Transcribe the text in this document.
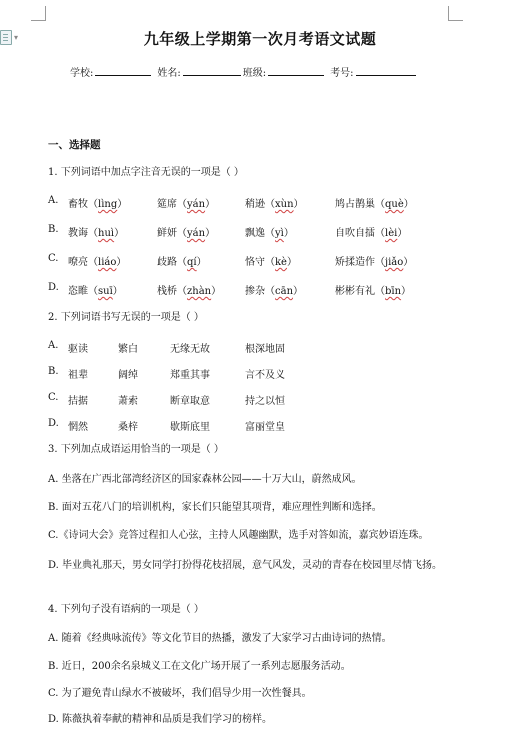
▾	九年级上学期第一次月考语文试题
学校:	姓名:	班级:	考号:
一、选择题
1. 下列词语中加点字注音无误的一项是（ ）
2. 下列词语书写无误的一项是（ ）
3. 下列加点成语运用恰当的一项是（ ）
A. 坐落在广西北部湾经济区的国家森林公园——十万大山，蔚然成风。
B. 面对五花八门的培训机构，家长们只能望其项背，难应理性判断和选择。
C.《诗词大会》竞答过程扣人心弦，主持人风趣幽默，选手对答如流，嘉宾妙语连珠。
D. 毕业典礼那天，男女同学打扮得花枝招展，意气风发，灵动的青春在校园里尽情飞扬。
4. 下列句子没有语病的一项是（ ）
A. 随着《经典咏流传》等文化节目的热播，激发了大家学习古曲诗词的热情。
B. 近日，200余名泉城义工在文化广场开展了一系列志愿服务活动。
C. 为了避免青山绿水不被破坏，我们倡导少用一次性餐具。
D. 陈薇执着奉献的精神和品质是我们学习的榜样。
A. 畜牧（lìng）	筵席（yán）	稍逊（xùn）	鸠占鹊巢（què）
B. 教诲（huì）	鲜妍（yán）	飘逸（yì）	自吹自擂（lèi）
C. 嘹亮（liáo）	歧路（qí）	恪守（kè）	矫揉造作（jiǎo）
D. 恣睢（suī）	栈桥（zhàn） 掺杂（cān）	彬彬有礼（bīn）
A. 驱读	繁白	无缘无故	根深地固
B. 祖辈	阔绰	郑重其事	言不及义
C. 拮据	萧索	断章取意	持之以恒
D. 惘然	桑梓	歇斯底里	富丽堂皇
